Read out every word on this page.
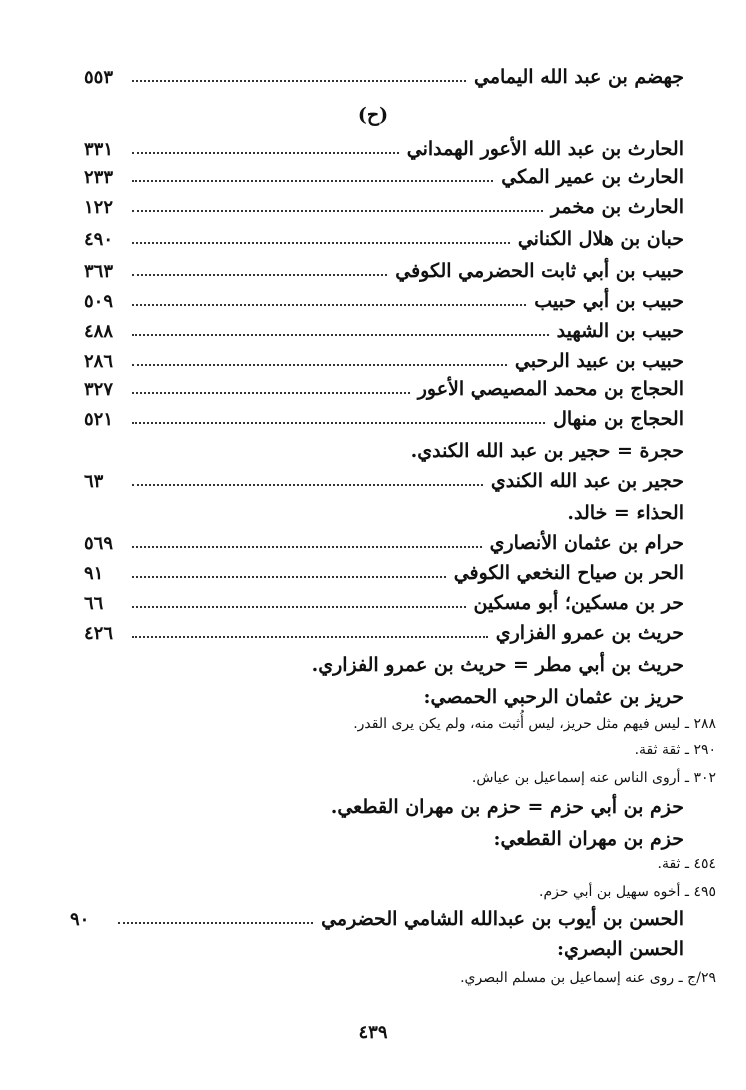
جهضم بن عبد الله اليمامي
٥٥٣
(ح)
الحارث بن عبد الله الأعور الهمداني
٣٣١
الحارث بن عمير المكي
٢٣٣
الحارث بن مخمر
١٢٢
حبان بن هلال الكناني
٤٩٠
حبيب بن أبي ثابت الحضرمي الكوفي
٣٦٣
حبيب بن أبي حبيب
٥٠٩
حبيب بن الشهيد
٤٨٨
حبيب بن عبيد الرحبي
٢٨٦
الحجاج بن محمد المصيصي الأعور
٣٢٧
الحجاج بن منهال
٥٢١
حجرة = حجير بن عبد الله الكندي.
حجير بن عبد الله الكندي
٦٣
الحذاء = خالد.
حرام بن عثمان الأنصاري
٥٦٩
الحر بن صياح النخعي الكوفي
٩١
حر بن مسكين؛ أبو مسكين
٦٦
حريث بن عمرو الفزاري
٤٢٦
حريث بن أبي مطر = حريث بن عمرو الفزاري.
حريز بن عثمان الرحبي الحمصي:
٢٨٨ ـ ليس فيهم مثل حريز، ليس أُثبت منه، ولم يكن يرى القدر.
٢٩٠ ـ ثقة ثقة.
٣٠٢ ـ أروى الناس عنه إسماعيل بن عياش.
حزم بن أبي حزم = حزم بن مهران القطعي.
حزم بن مهران القطعي:
٤٥٤ ـ ثقة.
٤٩٥ ـ أخوه سهيل بن أبي حزم.
الحسن بن أيوب بن عبدالله الشامي الحضرمي
٩٠
الحسن البصري:
٢٩/ج ـ روى عنه إسماعيل بن مسلم البصري.
٤٣٩
